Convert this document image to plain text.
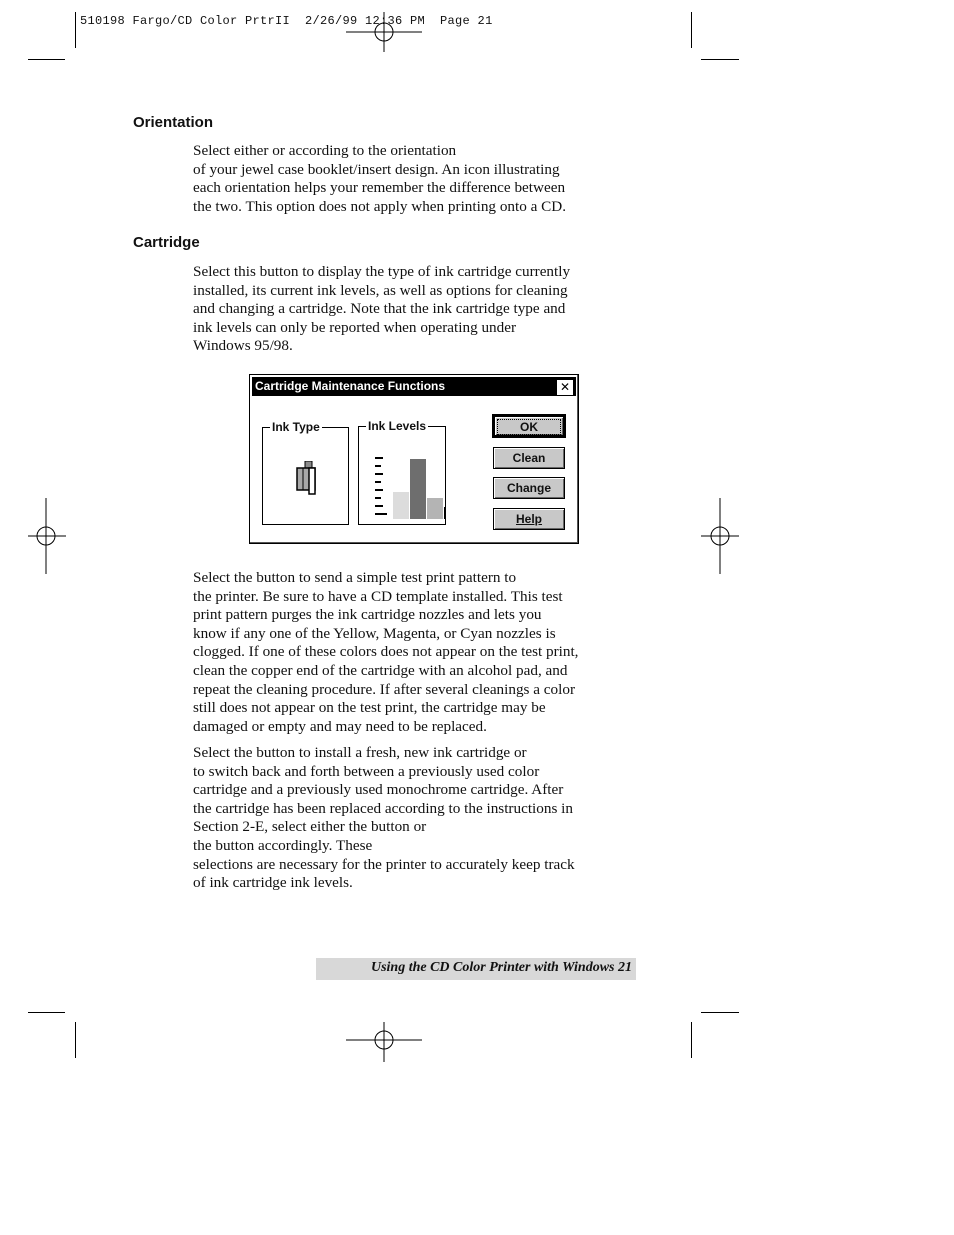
510198 Fargo/CD Color PrtrII  2/26/99 12:36 PM  Page 21
Orientation
Select either or according to the orientation
of your jewel case booklet/insert design. An icon illustrating
each orientation helps your remember the difference between
the two. This option does not apply when printing onto a CD.
Cartridge
Select this button to display the type of ink cartridge currently
installed, its current ink levels, as well as options for cleaning
and changing a cartridge. Note that the ink cartridge type and
ink levels can only be reported when operating under
Windows 95/98.
Cartridge Maintenance Functions	✕
Ink Type	Ink Levels	OK
Clean
Change
Help
Select the button to send a simple test print pattern to
the printer. Be sure to have a CD template installed. This test
print pattern purges the ink cartridge nozzles and lets you
know if any one of the Yellow, Magenta, or Cyan nozzles is
clogged. If one of these colors does not appear on the test print,
clean the copper end of the cartridge with an alcohol pad, and
repeat the cleaning procedure. If after several cleanings a color
still does not appear on the test print, the cartridge may be
damaged or empty and may need to be replaced.
Select the button to install a fresh, new ink cartridge or
to switch back and forth between a previously used color
cartridge and a previously used monochrome cartridge. After
the cartridge has been replaced according to the instructions in
Section 2-E, select either the button or
the button accordingly. These
selections are necessary for the printer to accurately keep track
of ink cartridge ink levels.
Using the CD Color Printer with Windows 21
